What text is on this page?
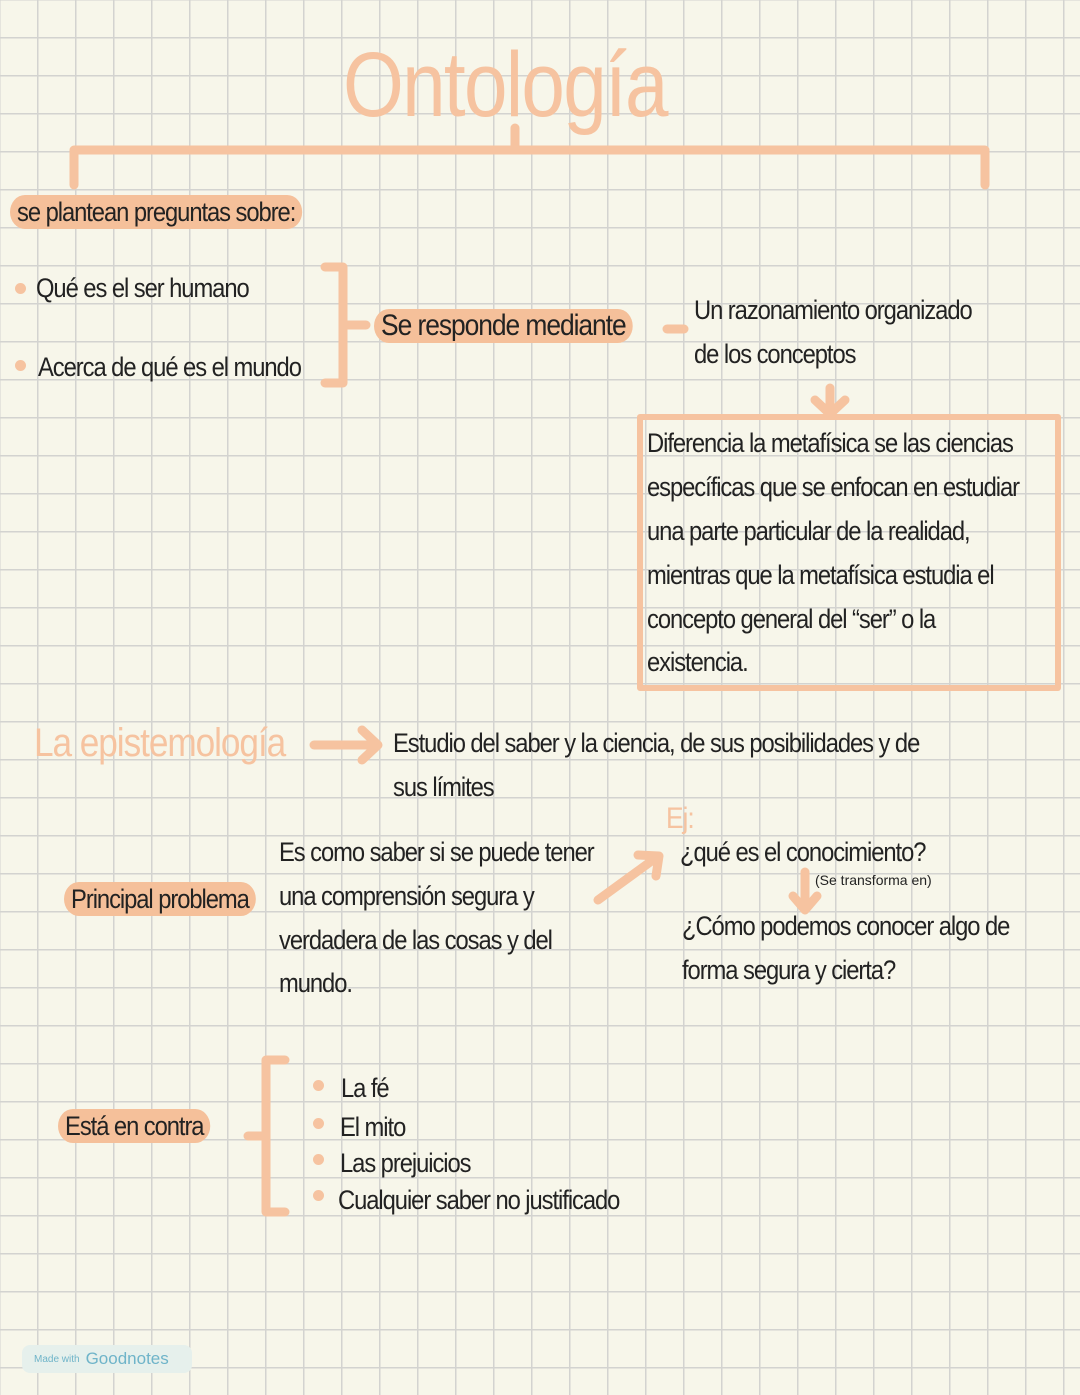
Ontología
se plantean preguntas sobre:
Qué es el ser humano
Acerca de qué es el mundo
Se responde mediante	Un razonamiento organizado
de los conceptos
Diferencia la metafísica se las ciencias
específicas que se enfocan en estudiar
una parte particular de la realidad,
mientras que la metafísica estudia el
concepto general del “ser” o la
existencia.
La epistemología	Estudio del saber y la ciencia, de sus posibilidades y de
sus límites
Ej:
Principal problema
Es como saber si se puede tener
una comprensión segura y
verdadera de las cosas y del
mundo.
¿qué es el conocimiento?
(Se transforma en)
¿Cómo podemos conocer algo de
forma segura y cierta?
Está en contra
La fé
El mito
Las prejuicios
Cualquier saber no justificado
Made with Goodnotes
